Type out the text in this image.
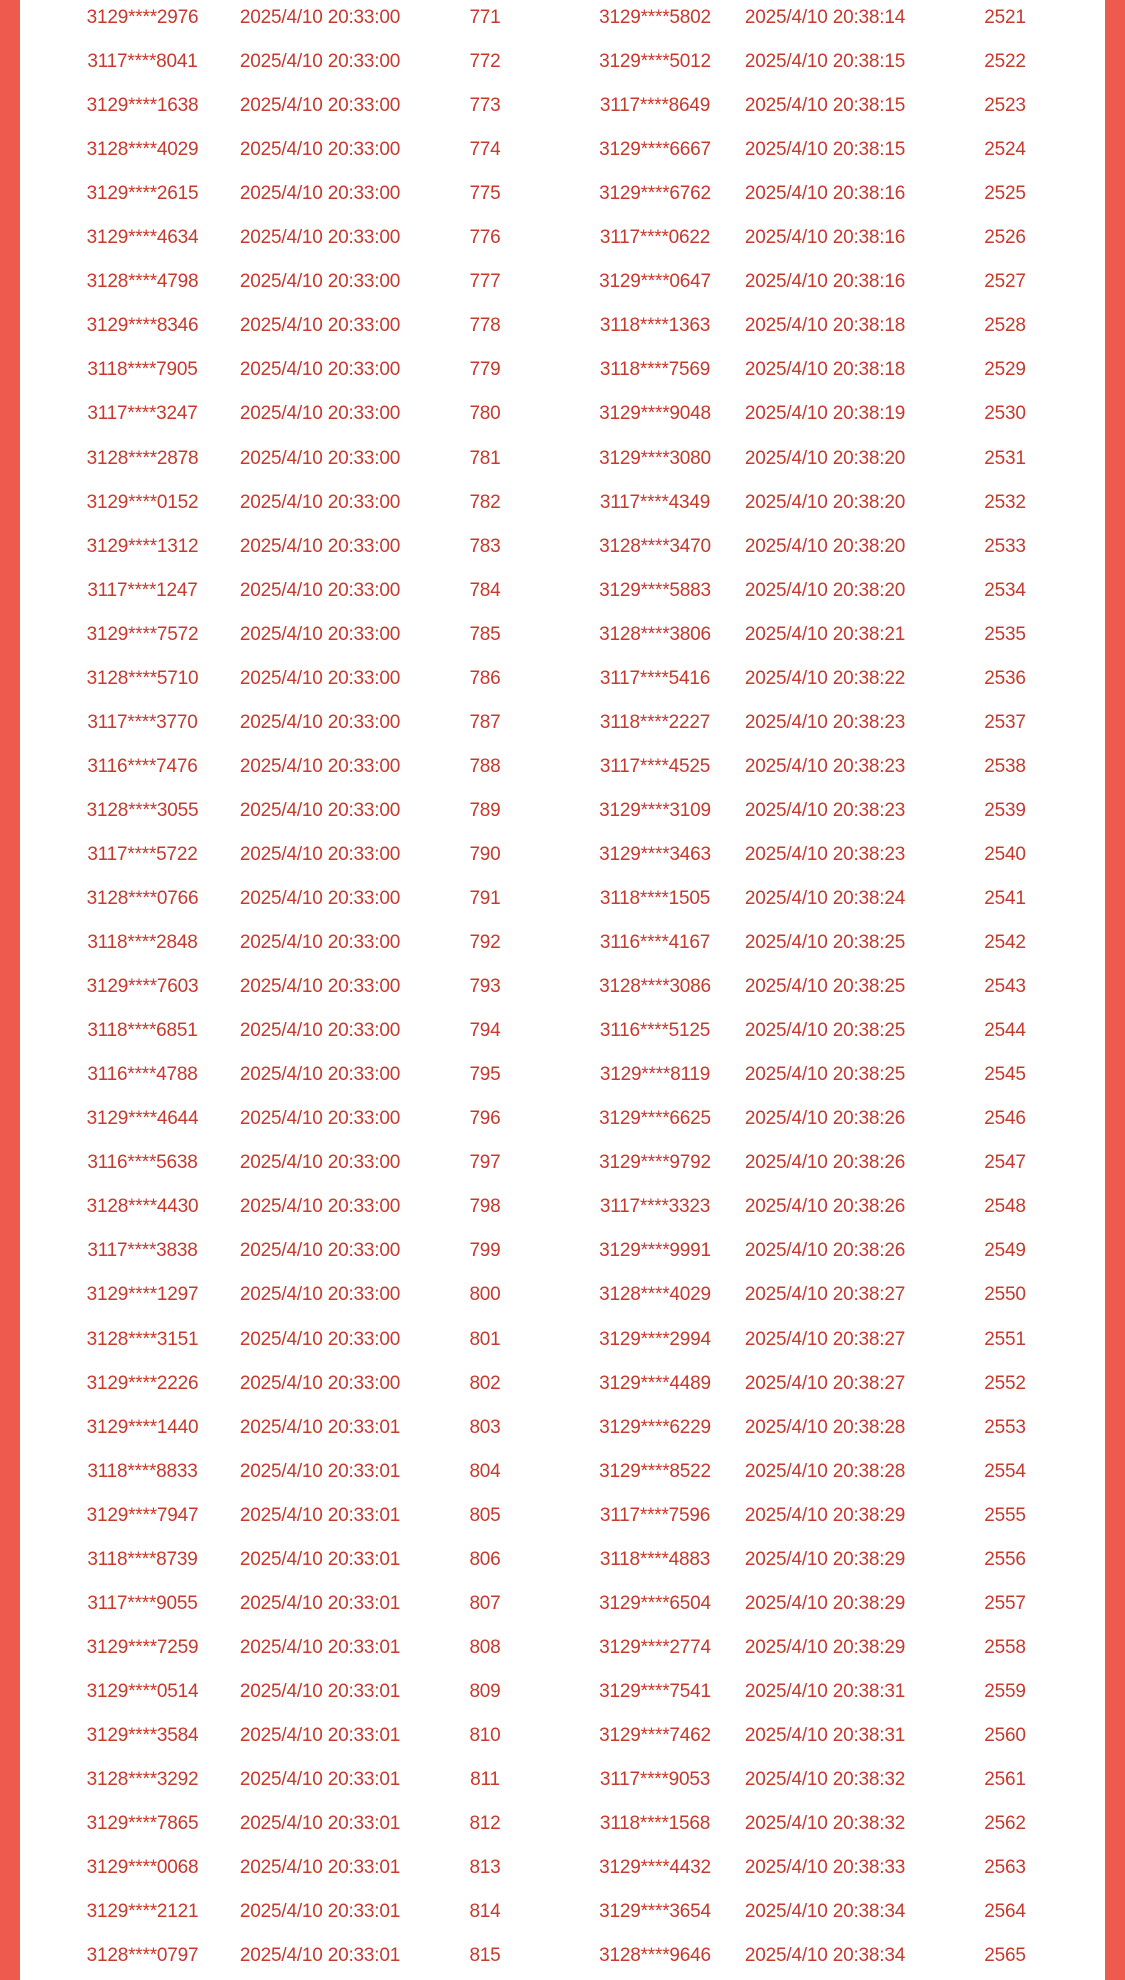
3129****2976	2025/4/10 20:33:00	771	3129****5802	2025/4/10 20:38:14	2521
3117****8041	2025/4/10 20:33:00	772	3129****5012	2025/4/10 20:38:15	2522
3129****1638	2025/4/10 20:33:00	773	3117****8649	2025/4/10 20:38:15	2523
3128****4029	2025/4/10 20:33:00	774	3129****6667	2025/4/10 20:38:15	2524
3129****2615	2025/4/10 20:33:00	775	3129****6762	2025/4/10 20:38:16	2525
3129****4634	2025/4/10 20:33:00	776	3117****0622	2025/4/10 20:38:16	2526
3128****4798	2025/4/10 20:33:00	777	3129****0647	2025/4/10 20:38:16	2527
3129****8346	2025/4/10 20:33:00	778	3118****1363	2025/4/10 20:38:18	2528
3118****7905	2025/4/10 20:33:00	779	3118****7569	2025/4/10 20:38:18	2529
3117****3247	2025/4/10 20:33:00	780	3129****9048	2025/4/10 20:38:19	2530
3128****2878	2025/4/10 20:33:00	781	3129****3080	2025/4/10 20:38:20	2531
3129****0152	2025/4/10 20:33:00	782	3117****4349	2025/4/10 20:38:20	2532
3129****1312	2025/4/10 20:33:00	783	3128****3470	2025/4/10 20:38:20	2533
3117****1247	2025/4/10 20:33:00	784	3129****5883	2025/4/10 20:38:20	2534
3129****7572	2025/4/10 20:33:00	785	3128****3806	2025/4/10 20:38:21	2535
3128****5710	2025/4/10 20:33:00	786	3117****5416	2025/4/10 20:38:22	2536
3117****3770	2025/4/10 20:33:00	787	3118****2227	2025/4/10 20:38:23	2537
3116****7476	2025/4/10 20:33:00	788	3117****4525	2025/4/10 20:38:23	2538
3128****3055	2025/4/10 20:33:00	789	3129****3109	2025/4/10 20:38:23	2539
3117****5722	2025/4/10 20:33:00	790	3129****3463	2025/4/10 20:38:23	2540
3128****0766	2025/4/10 20:33:00	791	3118****1505	2025/4/10 20:38:24	2541
3118****2848	2025/4/10 20:33:00	792	3116****4167	2025/4/10 20:38:25	2542
3129****7603	2025/4/10 20:33:00	793	3128****3086	2025/4/10 20:38:25	2543
3118****6851	2025/4/10 20:33:00	794	3116****5125	2025/4/10 20:38:25	2544
3116****4788	2025/4/10 20:33:00	795	3129****8119	2025/4/10 20:38:25	2545
3129****4644	2025/4/10 20:33:00	796	3129****6625	2025/4/10 20:38:26	2546
3116****5638	2025/4/10 20:33:00	797	3129****9792	2025/4/10 20:38:26	2547
3128****4430	2025/4/10 20:33:00	798	3117****3323	2025/4/10 20:38:26	2548
3117****3838	2025/4/10 20:33:00	799	3129****9991	2025/4/10 20:38:26	2549
3129****1297	2025/4/10 20:33:00	800	3128****4029	2025/4/10 20:38:27	2550
3128****3151	2025/4/10 20:33:00	801	3129****2994	2025/4/10 20:38:27	2551
3129****2226	2025/4/10 20:33:00	802	3129****4489	2025/4/10 20:38:27	2552
3129****1440	2025/4/10 20:33:01	803	3129****6229	2025/4/10 20:38:28	2553
3118****8833	2025/4/10 20:33:01	804	3129****8522	2025/4/10 20:38:28	2554
3129****7947	2025/4/10 20:33:01	805	3117****7596	2025/4/10 20:38:29	2555
3118****8739	2025/4/10 20:33:01	806	3118****4883	2025/4/10 20:38:29	2556
3117****9055	2025/4/10 20:33:01	807	3129****6504	2025/4/10 20:38:29	2557
3129****7259	2025/4/10 20:33:01	808	3129****2774	2025/4/10 20:38:29	2558
3129****0514	2025/4/10 20:33:01	809	3129****7541	2025/4/10 20:38:31	2559
3129****3584	2025/4/10 20:33:01	810	3129****7462	2025/4/10 20:38:31	2560
3128****3292	2025/4/10 20:33:01	811	3117****9053	2025/4/10 20:38:32	2561
3129****7865	2025/4/10 20:33:01	812	3118****1568	2025/4/10 20:38:32	2562
3129****0068	2025/4/10 20:33:01	813	3129****4432	2025/4/10 20:38:33	2563
3129****2121	2025/4/10 20:33:01	814	3129****3654	2025/4/10 20:38:34	2564
3128****0797	2025/4/10 20:33:01	815	3128****9646	2025/4/10 20:38:34	2565
